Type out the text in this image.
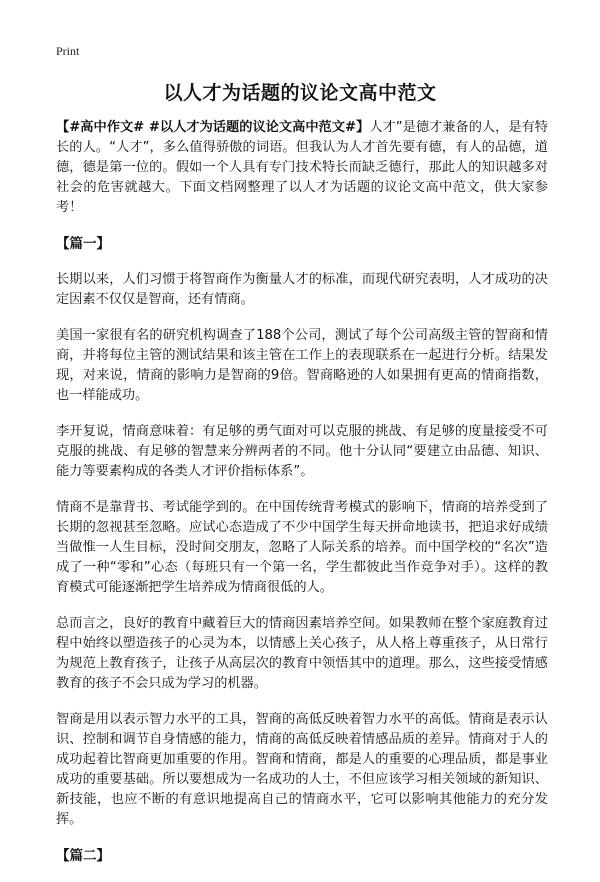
Print
以人才为话题的议论文高中范文

【#高中作文# #以人才为话题的议论文高中范文#】人才”是德才兼备的人，是有特长的人。“人才”，多么值得骄傲的词语。但我认为人才首先要有德，有人的品德，道德，德是第一位的。假如一个人具有专门技术特长而缺乏德行，那此人的知识越多对社会的危害就越大。下面文档网整理了以人才为话题的议论文高中范文，供大家参考！

【篇一】

长期以来，人们习惯于将智商作为衡量人才的标准，而现代研究表明，人才成功的决定因素不仅仅是智商，还有情商。

美国一家很有名的研究机构调查了188个公司，测试了每个公司高级主管的智商和情商，并将每位主管的测试结果和该主管在工作上的表现联系在一起进行分析。结果发现，对来说，情商的影响力是智商的9倍。智商略逊的人如果拥有更高的情商指数，也一样能成功。

李开复说，情商意味着：有足够的勇气面对可以克服的挑战、有足够的度量接受不可克服的挑战、有足够的智慧来分辨两者的不同。他十分认同“要建立由品德、知识、能力等要素构成的各类人才评价指标体系”。

情商不是靠背书、考试能学到的。在中国传统背考模式的影响下，情商的培养受到了长期的忽视甚至忽略。应试心态造成了不少中国学生每天拼命地读书，把追求好成绩当做惟一人生目标，没时间交朋友，忽略了人际关系的培养。而中国学校的“名次”造成了一种“零和”心态（每班只有一个第一名，学生都彼此当作竞争对手）。这样的教育模式可能逐渐把学生培养成为情商很低的人。

总而言之，良好的教育中藏着巨大的情商因素培养空间。如果教师在整个家庭教育过程中始终以塑造孩子的心灵为本，以情感上关心孩子，从人格上尊重孩子，从日常行为规范上教育孩子，让孩子从高层次的教育中领悟其中的道理。那么，这些接受情感教育的孩子不会只成为学习的机器。

智商是用以表示智力水平的工具，智商的高低反映着智力水平的高低。情商是表示认识、控制和调节自身情感的能力，情商的高低反映着情感品质的差异。情商对于人的成功起着比智商更加重要的作用。智商和情商，都是人的重要的心理品质，都是事业成功的重要基础。所以要想成为一名成功的人士，不但应该学习相关领域的新知识、新技能，也应不断的有意识地提高自己的情商水平，它可以影响其他能力的充分发挥。

【篇二】
